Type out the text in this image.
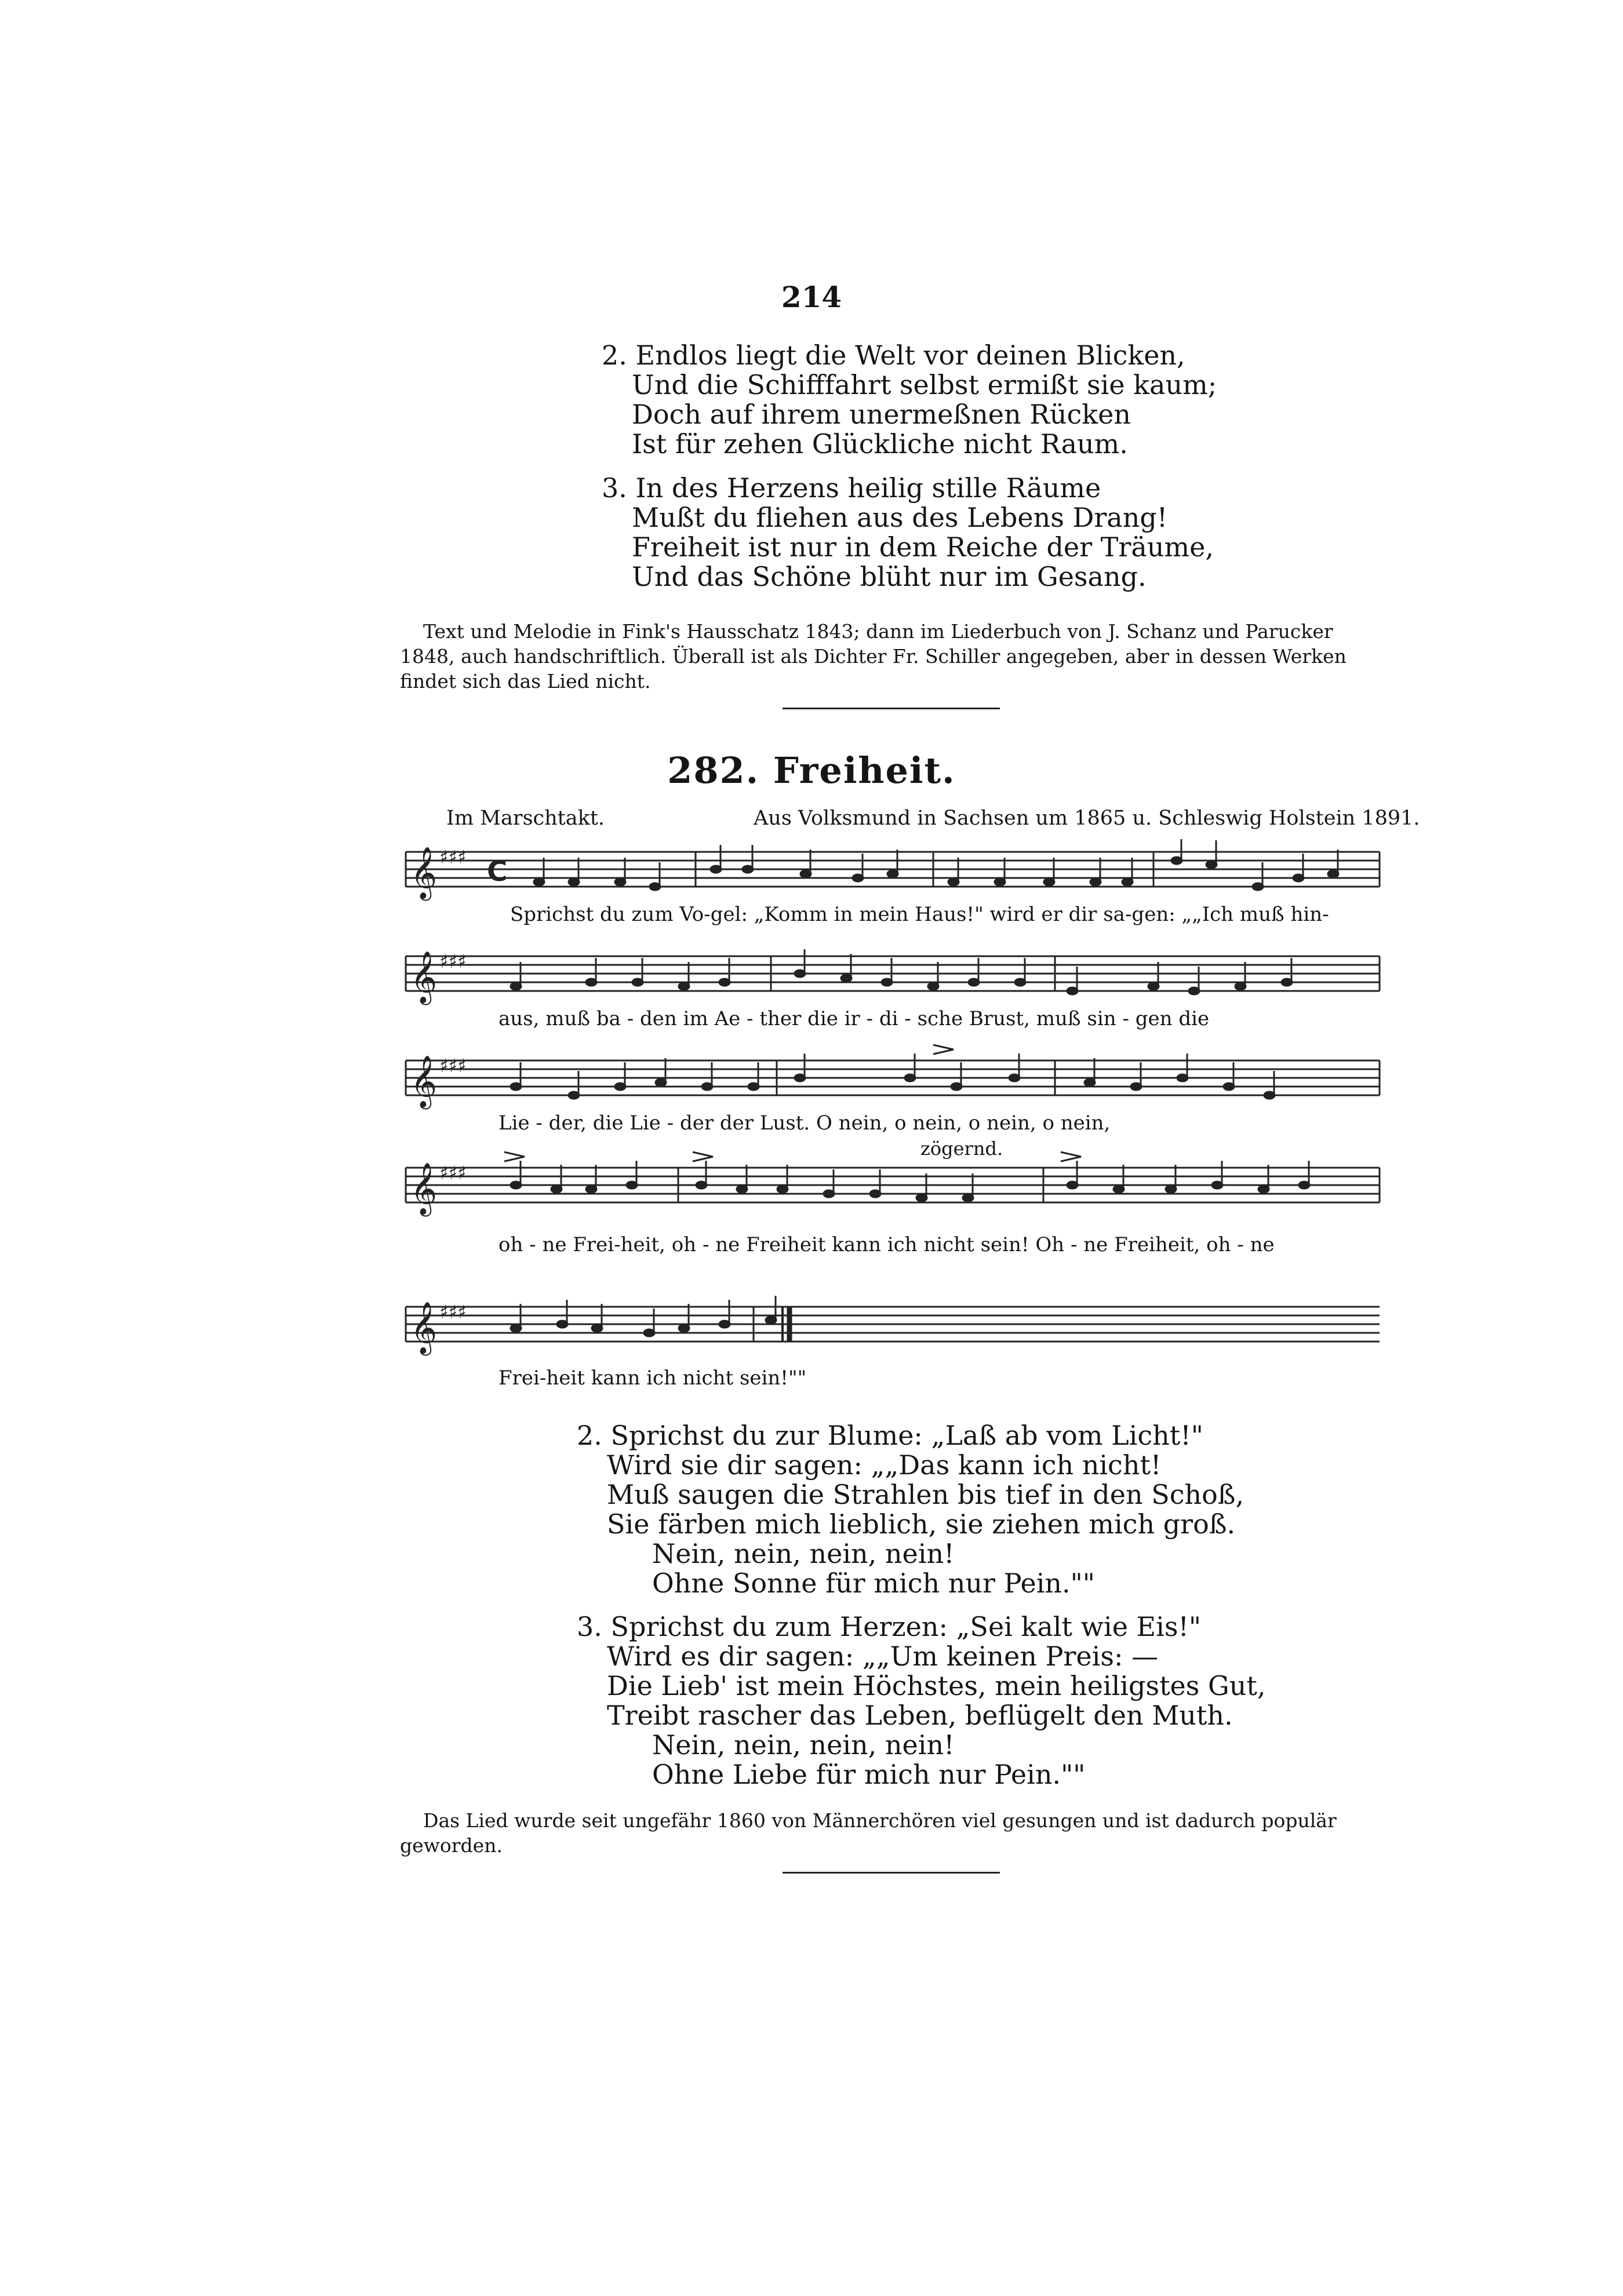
214
2. Endlos liegt die Welt vor deinen Blicken,
Und die Schifffahrt selbst ermißt sie kaum;
Doch auf ihrem unermeßnen Rücken
Ist für zehen Glückliche nicht Raum.
3. In des Herzens heilig stille Räume
Mußt du fliehen aus des Lebens Drang!
Freiheit ist nur in dem Reiche der Träume,
Und das Schöne blüht nur im Gesang.

Text und Melodie in Fink's Hausschatz 1843; dann im Liederbuch von J. Schanz und Parucker

1848, auch handschriftlich. Überall ist als Dichter Fr. Schiller angegeben, aber in dessen Werken

findet sich das Lied nicht.

282. Freiheit.
Im Marschtakt.	Aus Volksmund in Sachsen um 1865 u. Schleswig Holstein 1891.
𝄞
𝄞
𝄞
𝄞
𝄞
♯♯♯
♯♯♯
♯♯♯
♯♯♯
♯♯♯
C
Sprichst du zum Vo-gel: „Komm in mein Haus!" wird er dir sa-gen: „„Ich muß hin-
aus, muß ba - den im Ae - ther die ir - di - sche Brust, muß sin - gen die
Lie - der, die Lie - der der Lust. O nein, o nein, o nein, o nein,
zögernd.
oh - ne Frei-heit, oh - ne Freiheit kann ich nicht sein! Oh - ne Freiheit, oh - ne
Frei-heit kann ich nicht sein!""
2. Sprichst du zur Blume: „Laß ab vom Licht!"
Wird sie dir sagen: „„Das kann ich nicht!
Muß saugen die Strahlen bis tief in den Schoß,
Sie färben mich lieblich, sie ziehen mich groß.
Nein, nein, nein, nein!
Ohne Sonne für mich nur Pein.""
3. Sprichst du zum Herzen: „Sei kalt wie Eis!"
Wird es dir sagen: „„Um keinen Preis: —
Die Lieb' ist mein Höchstes, mein heiligstes Gut,
Treibt rascher das Leben, beflügelt den Muth.
Nein, nein, nein, nein!
Ohne Liebe für mich nur Pein.""

Das Lied wurde seit ungefähr 1860 von Männerchören viel gesungen und ist dadurch populär

geworden.
